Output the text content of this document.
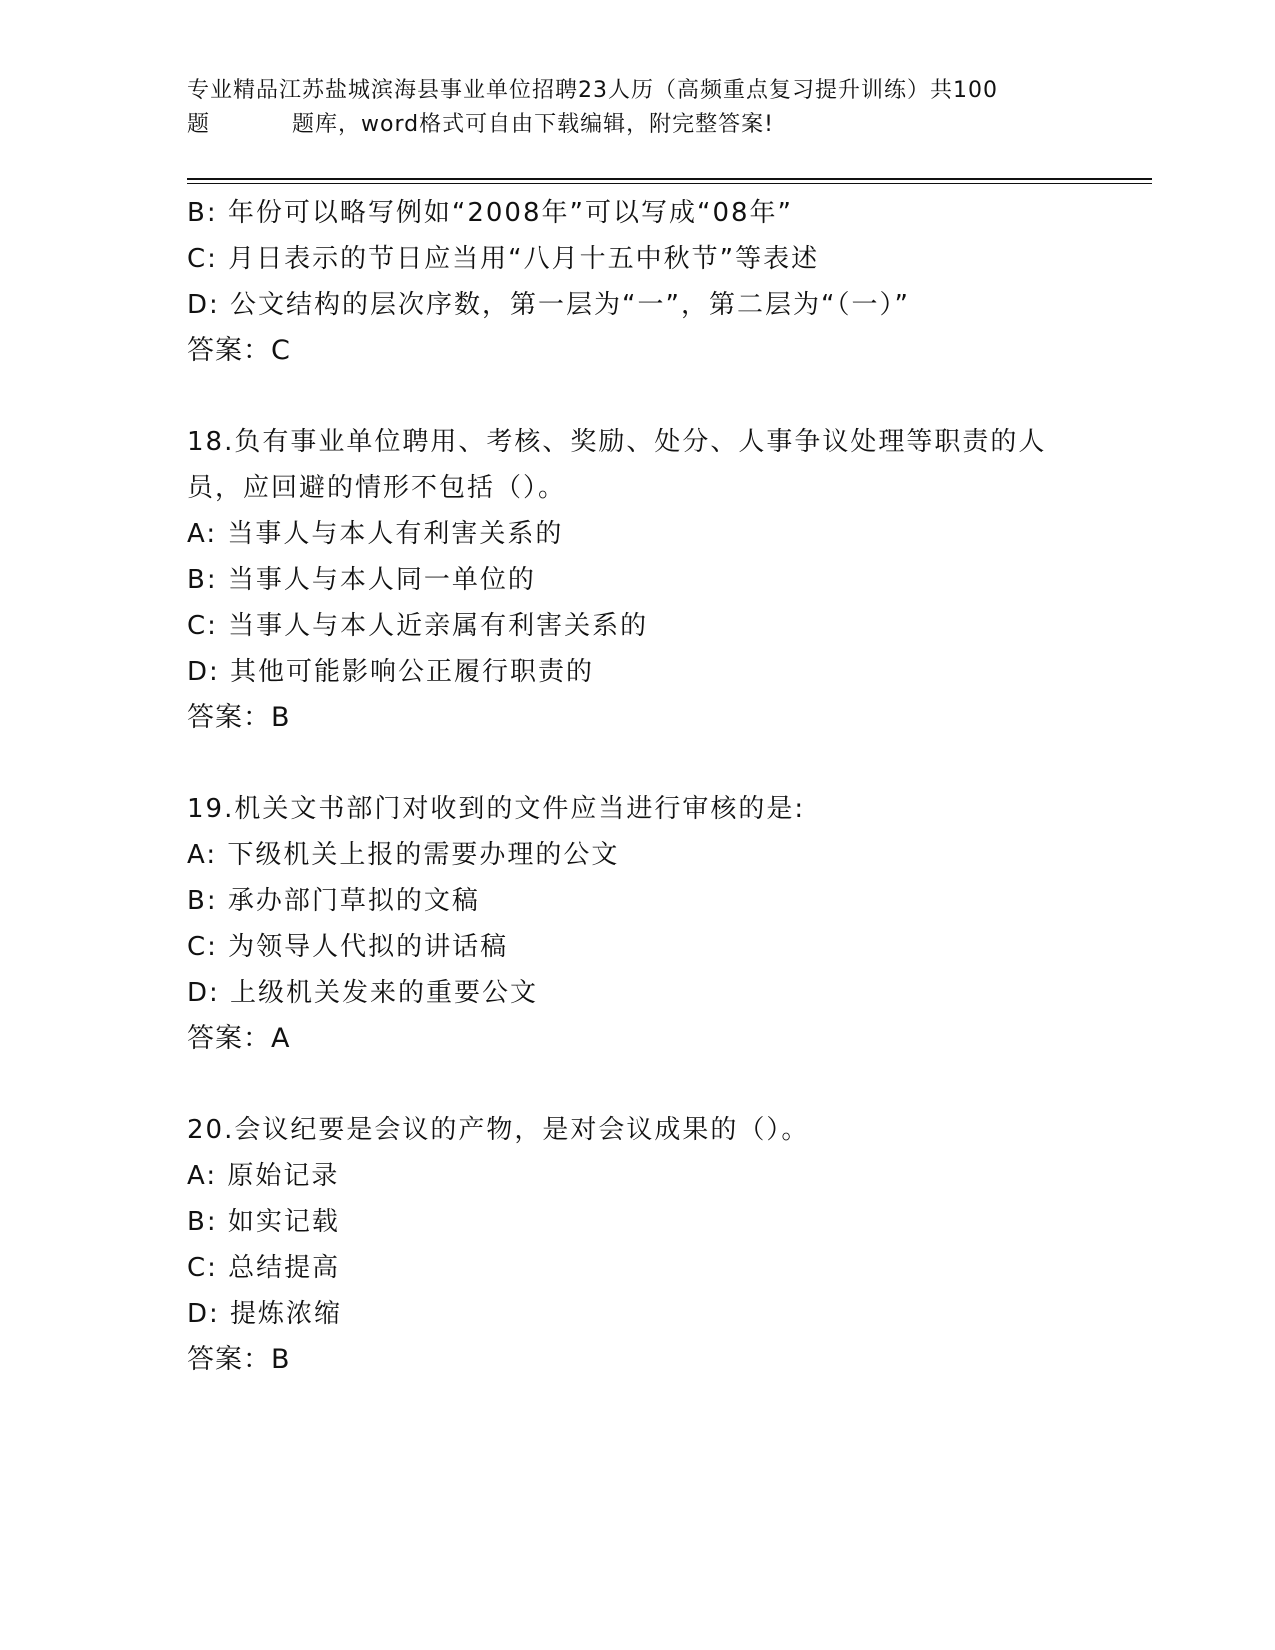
专业精品江苏盐城滨海县事业单位招聘23人历（高频重点复习提升训练）共100
题	题库，word格式可自由下载编辑，附完整答案!
B: 年份可以略写例如“2008年”可以写成“08年”
C: 月日表示的节日应当用“八月十五中秋节”等表述
D: 公文结构的层次序数，第一层为“一”，第二层为“（一）”
答案：C
18.负有事业单位聘用、考核、奖励、处分、人事争议处理等职责的人
员，应回避的情形不包括（）。
A: 当事人与本人有利害关系的
B: 当事人与本人同一单位的
C: 当事人与本人近亲属有利害关系的
D: 其他可能影响公正履行职责的
答案：B
19.机关文书部门对收到的文件应当进行审核的是:
A: 下级机关上报的需要办理的公文
B: 承办部门草拟的文稿
C: 为领导人代拟的讲话稿
D: 上级机关发来的重要公文
答案：A
20.会议纪要是会议的产物，是对会议成果的（）。
A: 原始记录
B: 如实记载
C: 总结提高
D: 提炼浓缩
答案：B
